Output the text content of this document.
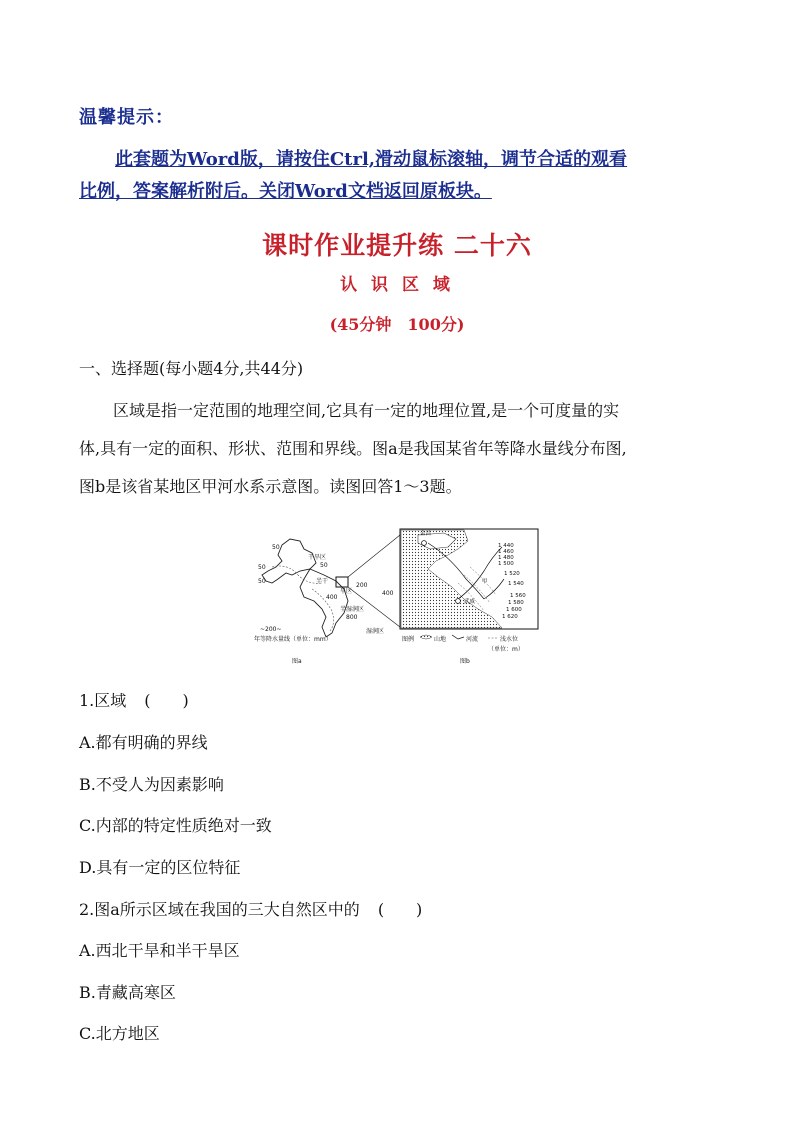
温馨提示：
此套题为Word版，请按住Ctrl,滑动鼠标滚轴，调节合适的观看
比例，答案解析附后。关闭Word文档返回原板块。
课时作业提升练 二十六
认 识 区 域
(45分钟 100分)
一、选择题(每小题4分,共44分)
区域是指一定范围的地理空间,它具有一定的地理位置,是一个可度量的实
体,具有一定的面积、形状、范围和界线。图a是我国某省年等降水量线分布图,
图b是该省某地区甲河水系示意图。读图回答1～3题。
50
50
50
50
200
400
400
800
干旱区
半干
旱区
半湿润区
湿润区
~200~
年等降水量线（单位：mm）
图a
金昌
武威
甲
1 440
1 460
1 480
1 500
1 520
1 540
1 560
1 580
1 600
1 620
图例	山地	河流	浅水位
（单位：m）
图b
1.区域 (　　)
A.都有明确的界线
B.不受人为因素影响
C.内部的特定性质绝对一致
D.具有一定的区位特征
2.图a所示区域在我国的三大自然区中的 (　　)
A.西北干旱和半干旱区
B.青藏高寒区
C.北方地区
